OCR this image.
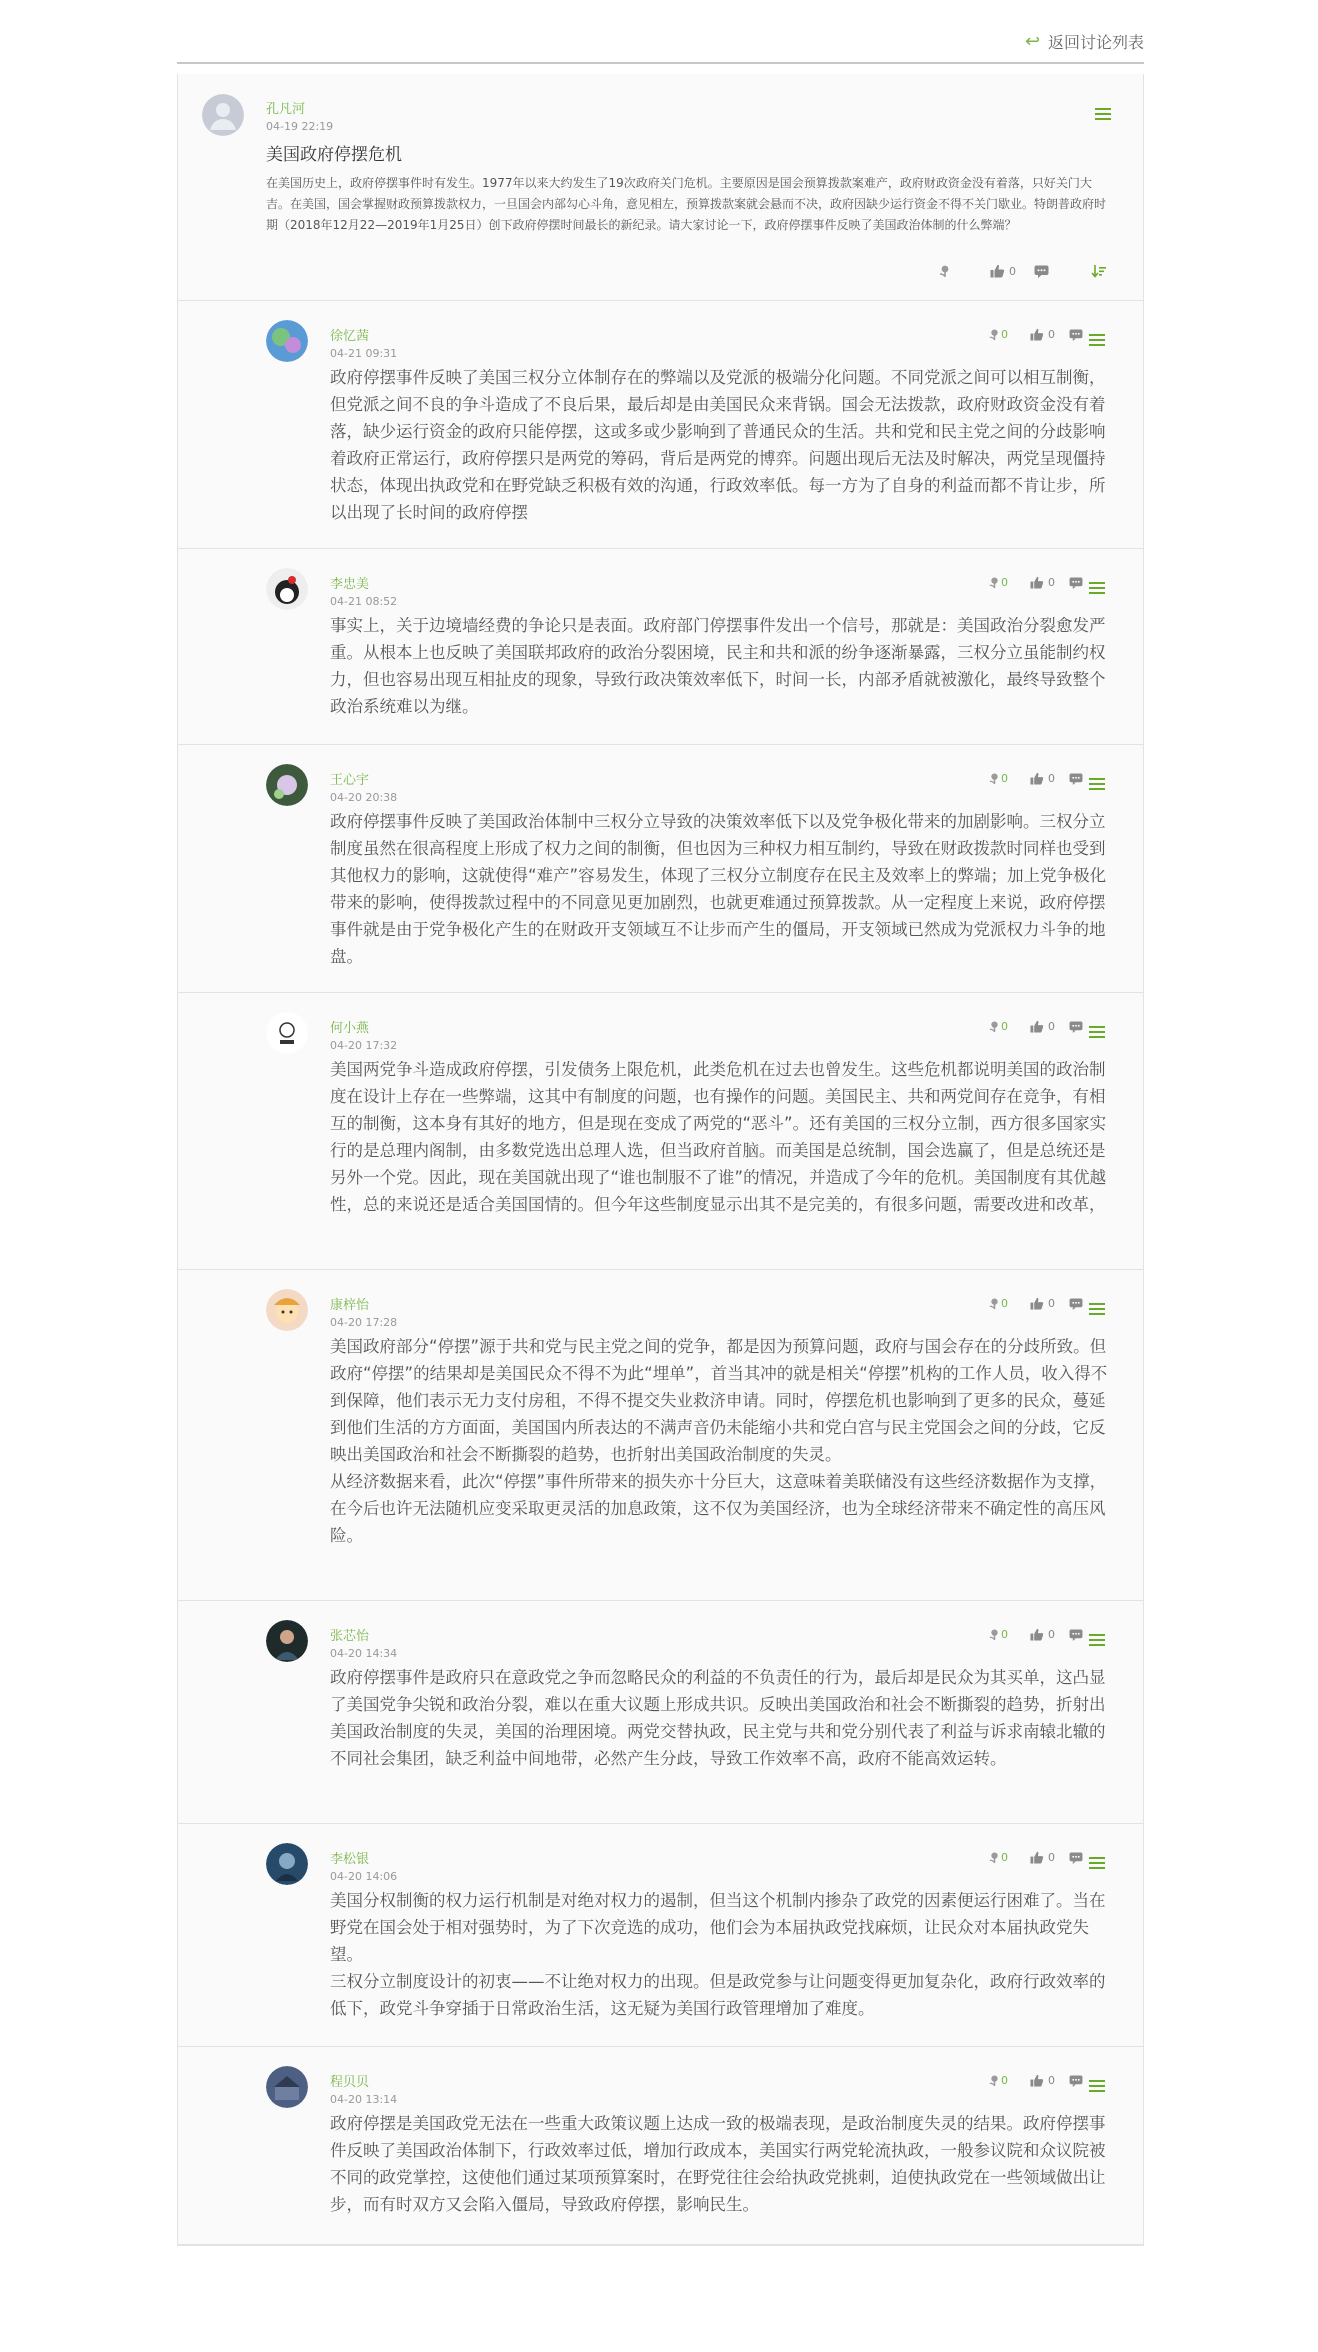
↪ 返回讨论列表
孔凡河
04-19 22:19
美国政府停摆危机
在美国历史上，政府停摆事件时有发生。1977年以来大约发生了19次政府关门危机。主要原因是国会预算拨款案难产，政府财政资金没有着落，只好关门大吉。在美国，国会掌握财政预算拨款权力，一旦国会内部勾心斗角，意见相左，预算拨款案就会悬而不决，政府因缺少运行资金不得不关门歇业。特朗普政府时期（2018年12月22—2019年1月25日）创下政府停摆时间最长的新纪录。请大家讨论一下，政府停摆事件反映了美国政治体制的什么弊端？
0
徐忆茜
04-21 09:31

政府停摆事件反映了美国三权分立体制存在的弊端以及党派的极端分化问题。不同党派之间可以相互制衡，但党派之间不良的争斗造成了不良后果，最后却是由美国民众来背锅。国会无法拨款，政府财政资金没有着落，缺少运行资金的政府只能停摆，这或多或少影响到了普通民众的生活。共和党和民主党之间的分歧影响着政府正常运行，政府停摆只是两党的筹码，背后是两党的博弈。问题出现后无法及时解决，两党呈现僵持状态，体现出执政党和在野党缺乏积极有效的沟通，行政效率低。每一方为了自身的利益而都不肯让步，所以出现了长时间的政府停摆

0	0
李忠美
04-21 08:52

事实上，关于边境墙经费的争论只是表面。政府部门停摆事件发出一个信号，那就是：美国政治分裂愈发严重。从根本上也反映了美国联邦政府的政治分裂困境，民主和共和派的纷争逐渐暴露，三权分立虽能制约权力，但也容易出现互相扯皮的现象，导致行政决策效率低下，时间一长，内部矛盾就被激化，最终导致整个政治系统难以为继。

0	0
王心宇
04-20 20:38

政府停摆事件反映了美国政治体制中三权分立导致的决策效率低下以及党争极化带来的加剧影响。三权分立制度虽然在很高程度上形成了权力之间的制衡，但也因为三种权力相互制约，导致在财政拨款时同样也受到其他权力的影响，这就使得“难产”容易发生，体现了三权分立制度存在民主及效率上的弊端；加上党争极化带来的影响，使得拨款过程中的不同意见更加剧烈，也就更难通过预算拨款。从一定程度上来说，政府停摆事件就是由于党争极化产生的在财政开支领域互不让步而产生的僵局，开支领域已然成为党派权力斗争的地盘。

0	0
何小燕
04-20 17:32

美国两党争斗造成政府停摆，引发债务上限危机，此类危机在过去也曾发生。这些危机都说明美国的政治制度在设计上存在一些弊端，这其中有制度的问题，也有操作的问题。美国民主、共和两党间存在竞争，有相互的制衡，这本身有其好的地方，但是现在变成了两党的“恶斗”。还有美国的三权分立制，西方很多国家实行的是总理内阁制，由多数党选出总理人选，但当政府首脑。而美国是总统制，国会选赢了，但是总统还是另外一个党。因此，现在美国就出现了“谁也制服不了谁”的情况，并造成了今年的危机。美国制度有其优越性，总的来说还是适合美国国情的。但今年这些制度显示出其不是完美的，有很多问题，需要改进和改革，

0	0
康梓怡
04-20 17:28

美国政府部分“停摆”源于共和党与民主党之间的党争，都是因为预算问题，政府与国会存在的分歧所致。但政府“停摆”的结果却是美国民众不得不为此“埋单”，首当其冲的就是相关“停摆”机构的工作人员，收入得不到保障，他们表示无力支付房租，不得不提交失业救济申请。同时，停摆危机也影响到了更多的民众，蔓延到他们生活的方方面面，美国国内所表达的不满声音仍未能缩小共和党白宫与民主党国会之间的分歧，它反映出美国政治和社会不断撕裂的趋势，也折射出美国政治制度的失灵。

从经济数据来看，此次“停摆”事件所带来的损失亦十分巨大，这意味着美联储没有这些经济数据作为支撑，在今后也许无法随机应变采取更灵活的加息政策，这不仅为美国经济，也为全球经济带来不确定性的高压风险。

0	0
张芯怡
04-20 14:34

政府停摆事件是政府只在意政党之争而忽略民众的利益的不负责任的行为，最后却是民众为其买单，这凸显了美国党争尖锐和政治分裂，难以在重大议题上形成共识。反映出美国政治和社会不断撕裂的趋势，折射出美国政治制度的失灵，美国的治理困境。两党交替执政，民主党与共和党分别代表了利益与诉求南辕北辙的不同社会集团，缺乏利益中间地带，必然产生分歧，导致工作效率不高，政府不能高效运转。

0	0
李松银
04-20 14:06

美国分权制衡的权力运行机制是对绝对权力的遏制，但当这个机制内掺杂了政党的因素便运行困难了。当在野党在国会处于相对强势时，为了下次竞选的成功，他们会为本届执政党找麻烦，让民众对本届执政党失望。

三权分立制度设计的初衷——不让绝对权力的出现。但是政党参与让问题变得更加复杂化，政府行政效率的低下，政党斗争穿插于日常政治生活，这无疑为美国行政管理增加了难度。

0	0
程贝贝
04-20 13:14

政府停摆是美国政党无法在一些重大政策议题上达成一致的极端表现，是政治制度失灵的结果。政府停摆事件反映了美国政治体制下，行政效率过低，增加行政成本，美国实行两党轮流执政，一般参议院和众议院被不同的政党掌控，这使他们通过某项预算案时，在野党往往会给执政党挑刺，迫使执政党在一些领域做出让步，而有时双方又会陷入僵局，导致政府停摆，影响民生。

0	0
